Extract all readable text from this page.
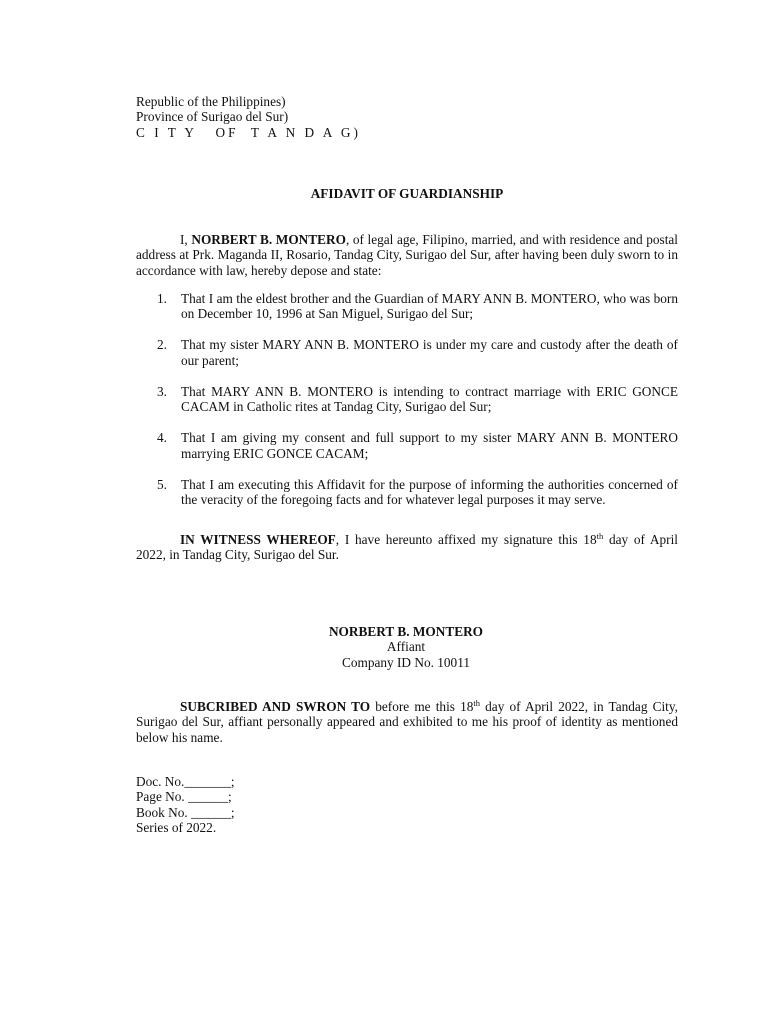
Republic of the Philippines)
Province of Surigao del Sur)
C I T Y   OF  T A N D A G)
AFIDAVIT OF GUARDIANSHIP
I, NORBERT B. MONTERO, of legal age, Filipino, married, and with residence and postal address at Prk. Maganda II, Rosario, Tandag City, Surigao del Sur, after having been duly sworn to in accordance with law, hereby depose and state:
1. That I am the eldest brother and the Guardian of MARY ANN B. MONTERO, who was born on December 10, 1996 at San Miguel, Surigao del Sur;
2. That my sister MARY ANN B. MONTERO is under my care and custody after the death of our parent;
3. That MARY ANN B. MONTERO is intending to contract marriage with ERIC GONCE CACAM in Catholic rites at Tandag City, Surigao del Sur;
4. That I am giving my consent and full support to my sister MARY ANN B. MONTERO marrying ERIC GONCE CACAM;
5. That I am executing this Affidavit for the purpose of informing the authorities concerned of the veracity of the foregoing facts and for whatever legal purposes it may serve.
IN WITNESS WHEREOF, I have hereunto affixed my signature this 18th day of April 2022, in Tandag City, Surigao del Sur.
NORBERT B. MONTERO
Affiant
Company ID No. 10011
SUBCRIBED AND SWRON TO before me this 18th day of April 2022, in Tandag City, Surigao del Sur, affiant personally appeared and exhibited to me his proof of identity as mentioned below his name.
Doc. No._______;
Page No. ______;
Book No. ______;
Series of 2022.
